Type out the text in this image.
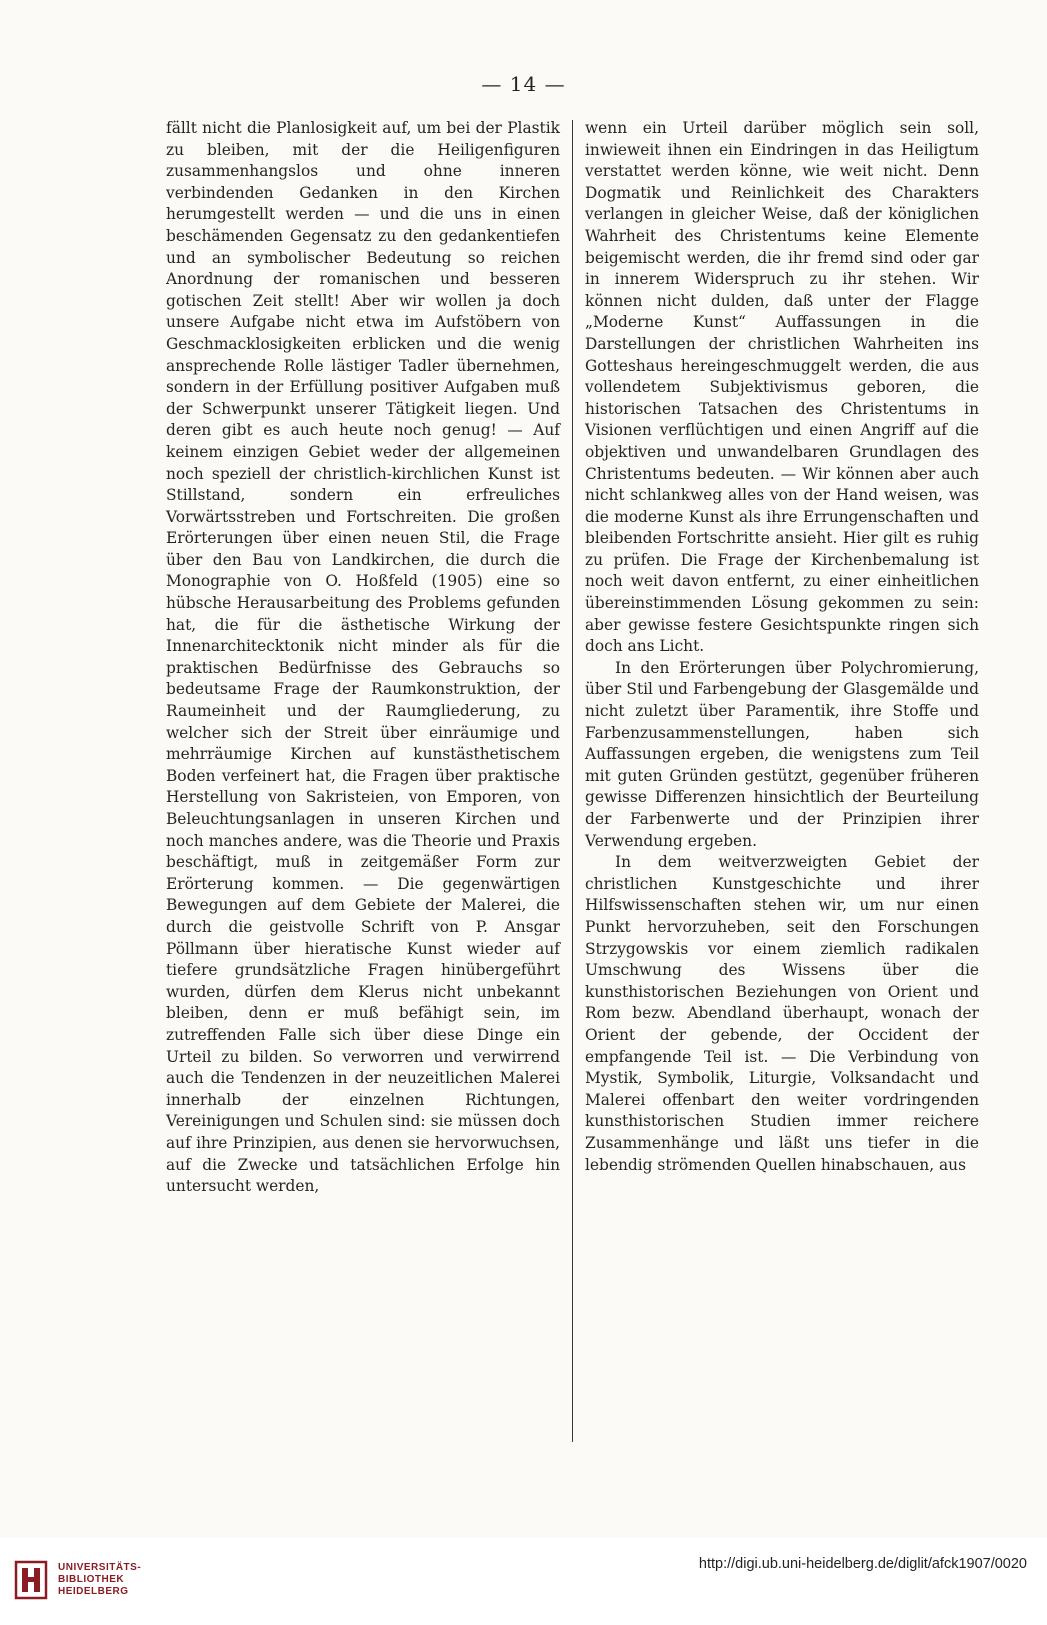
— 14 —

fällt nicht die Planlosigkeit auf, um bei der Plastik zu bleiben, mit der die Heiligenfiguren zusammenhangslos und ohne inneren verbindenden Gedanken in den Kirchen herumgestellt werden — und die uns in einen beschämenden Gegensatz zu den gedankentiefen und an symbolischer Bedeutung so reichen Anordnung der romanischen und besseren gotischen Zeit stellt! Aber wir wollen ja doch unsere Aufgabe nicht etwa im Aufstöbern von Geschmacklosigkeiten erblicken und die wenig ansprechende Rolle lästiger Tadler übernehmen, sondern in der Erfüllung positiver Aufgaben muß der Schwerpunkt unserer Tätigkeit liegen. Und deren gibt es auch heute noch genug! — Auf keinem einzigen Gebiet weder der allgemeinen noch speziell der christlich-kirchlichen Kunst ist Stillstand, sondern ein erfreuliches Vorwärtsstreben und Fortschreiten. Die großen Erörterungen über einen neuen Stil, die Frage über den Bau von Landkirchen, die durch die Monographie von O. Hoßfeld (1905) eine so hübsche Herausarbeitung des Problems gefunden hat, die für die ästhetische Wirkung der Innenarchitecktonik nicht minder als für die praktischen Bedürfnisse des Gebrauchs so bedeutsame Frage der Raumkonstruktion, der Raumeinheit und der Raumgliederung, zu welcher sich der Streit über einräumige und mehrräumige Kirchen auf kunstästhetischem Boden verfeinert hat, die Fragen über praktische Herstellung von Sakristeien, von Emporen, von Beleuchtungsanlagen in unseren Kirchen und noch manches andere, was die Theorie und Praxis beschäftigt, muß in zeitgemäßer Form zur Erörterung kommen. — Die gegenwärtigen Bewegungen auf dem Gebiete der Malerei, die durch die geistvolle Schrift von P. Ansgar Pöllmann über hieratische Kunst wieder auf tiefere grundsätzliche Fragen hinübergeführt wurden, dürfen dem Klerus nicht unbekannt bleiben, denn er muß befähigt sein, im zutreffenden Falle sich über diese Dinge ein Urteil zu bilden. So verworren und verwirrend auch die Tendenzen in der neuzeitlichen Malerei innerhalb der einzelnen Richtungen, Vereinigungen und Schulen sind: sie müssen doch auf ihre Prinzipien, aus denen sie hervorwuchsen, auf die Zwecke und tatsächlichen Erfolge hin untersucht werden,

wenn ein Urteil darüber möglich sein soll, inwieweit ihnen ein Eindringen in das Heiligtum verstattet werden könne, wie weit nicht. Denn Dogmatik und Reinlichkeit des Charakters verlangen in gleicher Weise, daß der königlichen Wahrheit des Christentums keine Elemente beigemischt werden, die ihr fremd sind oder gar in innerem Widerspruch zu ihr stehen. Wir können nicht dulden, daß unter der Flagge „Moderne Kunst“ Auffassungen in die Darstellungen der christlichen Wahrheiten ins Gotteshaus hereingeschmuggelt werden, die aus vollendetem Subjektivismus geboren, die historischen Tatsachen des Christentums in Visionen verflüchtigen und einen Angriff auf die objektiven und unwandelbaren Grundlagen des Christentums bedeuten. — Wir können aber auch nicht schlankweg alles von der Hand weisen, was die moderne Kunst als ihre Errungenschaften und bleibenden Fortschritte ansieht. Hier gilt es ruhig zu prüfen. Die Frage der Kirchenbemalung ist noch weit davon entfernt, zu einer einheitlichen übereinstimmenden Lösung gekommen zu sein: aber gewisse festere Gesichtspunkte ringen sich doch ans Licht.

In den Erörterungen über Polychromierung, über Stil und Farbengebung der Glasgemälde und nicht zuletzt über Paramentik, ihre Stoffe und Farbenzusammenstellungen, haben sich Auffassungen ergeben, die wenigstens zum Teil mit guten Gründen gestützt, gegenüber früheren gewisse Differenzen hinsichtlich der Beurteilung der Farbenwerte und der Prinzipien ihrer Verwendung ergeben.

In dem weitverzweigten Gebiet der christlichen Kunstgeschichte und ihrer Hilfswissenschaften stehen wir, um nur einen Punkt hervorzuheben, seit den Forschungen Strzygowskis vor einem ziemlich radikalen Umschwung des Wissens über die kunsthistorischen Beziehungen von Orient und Rom bezw. Abendland überhaupt, wonach der Orient der gebende, der Occident der empfangende Teil ist. — Die Verbindung von Mystik, Symbolik, Liturgie, Volksandacht und Malerei offenbart den weiter vordringenden kunsthistorischen Studien immer reichere Zusammenhänge und läßt uns tiefer in die lebendig strömenden Quellen hinabschauen, aus

UNIVERSITÄTS-
BIBLIOTHEK
HEIDELBERG
http://digi.ub.uni-heidelberg.de/diglit/afck1907/0020
